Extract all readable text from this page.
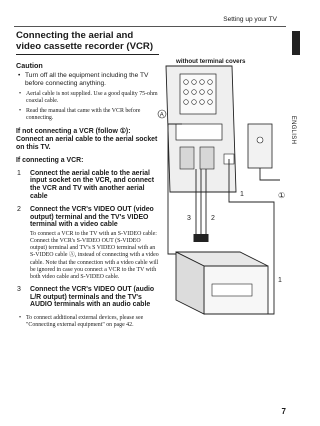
Setting up your TV
ENGLISH
Connecting the aerial and video cassette recorder (VCR)
Caution
• Turn off all the equipment including the TV before connecting anything.
• Aerial cable is not supplied. Use a good quality 75-ohm coaxial cable.
• Read the manual that came with the VCR before connecting.
If not connecting a VCR (follow ①): Connect an aerial cable to the aerial socket on this TV.
If connecting a VCR:
1 Connect the aerial cable to the aerial input socket on the VCR, and connect the VCR and TV with another aerial cable
2 Connect the VCR's VIDEO OUT (video output) terminal and the TV's VIDEO terminal with a video cable
To connect a VCR to the TV with an S-VIDEO cable: Connect the VCR's S-VIDEO OUT (S-VIDEO output) terminal and TV's S VIDEO terminal with an S-VIDEO cable Ⓐ, instead of connecting with a video cable. Note that the connection with a video cable will be ignored in case you connect a VCR to the TV with both video cable and S-VIDEO cable.
3 Connect the VCR's VIDEO OUT (audio L/R output) terminals and the TV's AUDIO terminals with an audio cable
• To connect additional external devices, please see "Connecting external equipment" on page 42.
without terminal covers
A
1
1
3	2
①
7
